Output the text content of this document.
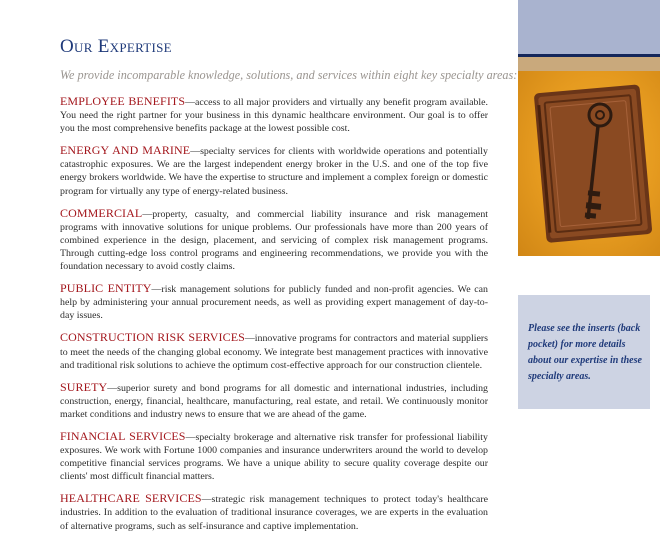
Our Expertise
We provide incomparable knowledge, solutions, and services within eight key specialty areas:

EMPLOYEE BENEFITS—access to all major providers and virtually any benefit program available. You need the right partner for your business in this dynamic healthcare environment. Our goal is to offer you the most comprehensive benefits package at the lowest possible cost.

ENERGY AND MARINE—specialty services for clients with worldwide operations and potentially catastrophic exposures. We are the largest independent energy broker in the U.S. and one of the top five energy brokers worldwide. We have the expertise to structure and implement a complex foreign or domestic program for virtually any type of energy-related business.

COMMERCIAL—property, casualty, and commercial liability insurance and risk management programs with innovative solutions for unique problems. Our professionals have more than 200 years of combined experience in the design, placement, and servicing of complex risk management programs. Through cutting-edge loss control programs and engineering recommendations, we provide you with the foundation necessary to avoid costly claims.

PUBLIC ENTITY—risk management solutions for publicly funded and non-profit agencies. We can help by administering your annual procurement needs, as well as providing expert management of day-to-day issues.

CONSTRUCTION RISK SERVICES—innovative programs for contractors and material suppliers to meet the needs of the changing global economy. We integrate best management practices with innovative and traditional risk solutions to achieve the optimum cost-effective approach for our construction clientele.

SURETY—superior surety and bond programs for all domestic and international industries, including construction, energy, financial, healthcare, manufacturing, real estate, and retail. We continuously monitor market conditions and industry news to ensure that we are ahead of the game.

FINANCIAL SERVICES—specialty brokerage and alternative risk transfer for professional liability exposures. We work with Fortune 1000 companies and insurance underwriters around the world to develop competitive financial services programs. We have a unique ability to secure quality coverage despite our clients' most difficult financial matters.

HEALTHCARE SERVICES—strategic risk management techniques to protect today's healthcare industries. In addition to the evaluation of traditional insurance coverages, we are experts in the evaluation of alternative programs, such as self-insurance and captive implementation.

Please see the inserts (back pocket) for more details about our expertise in these specialty areas.
